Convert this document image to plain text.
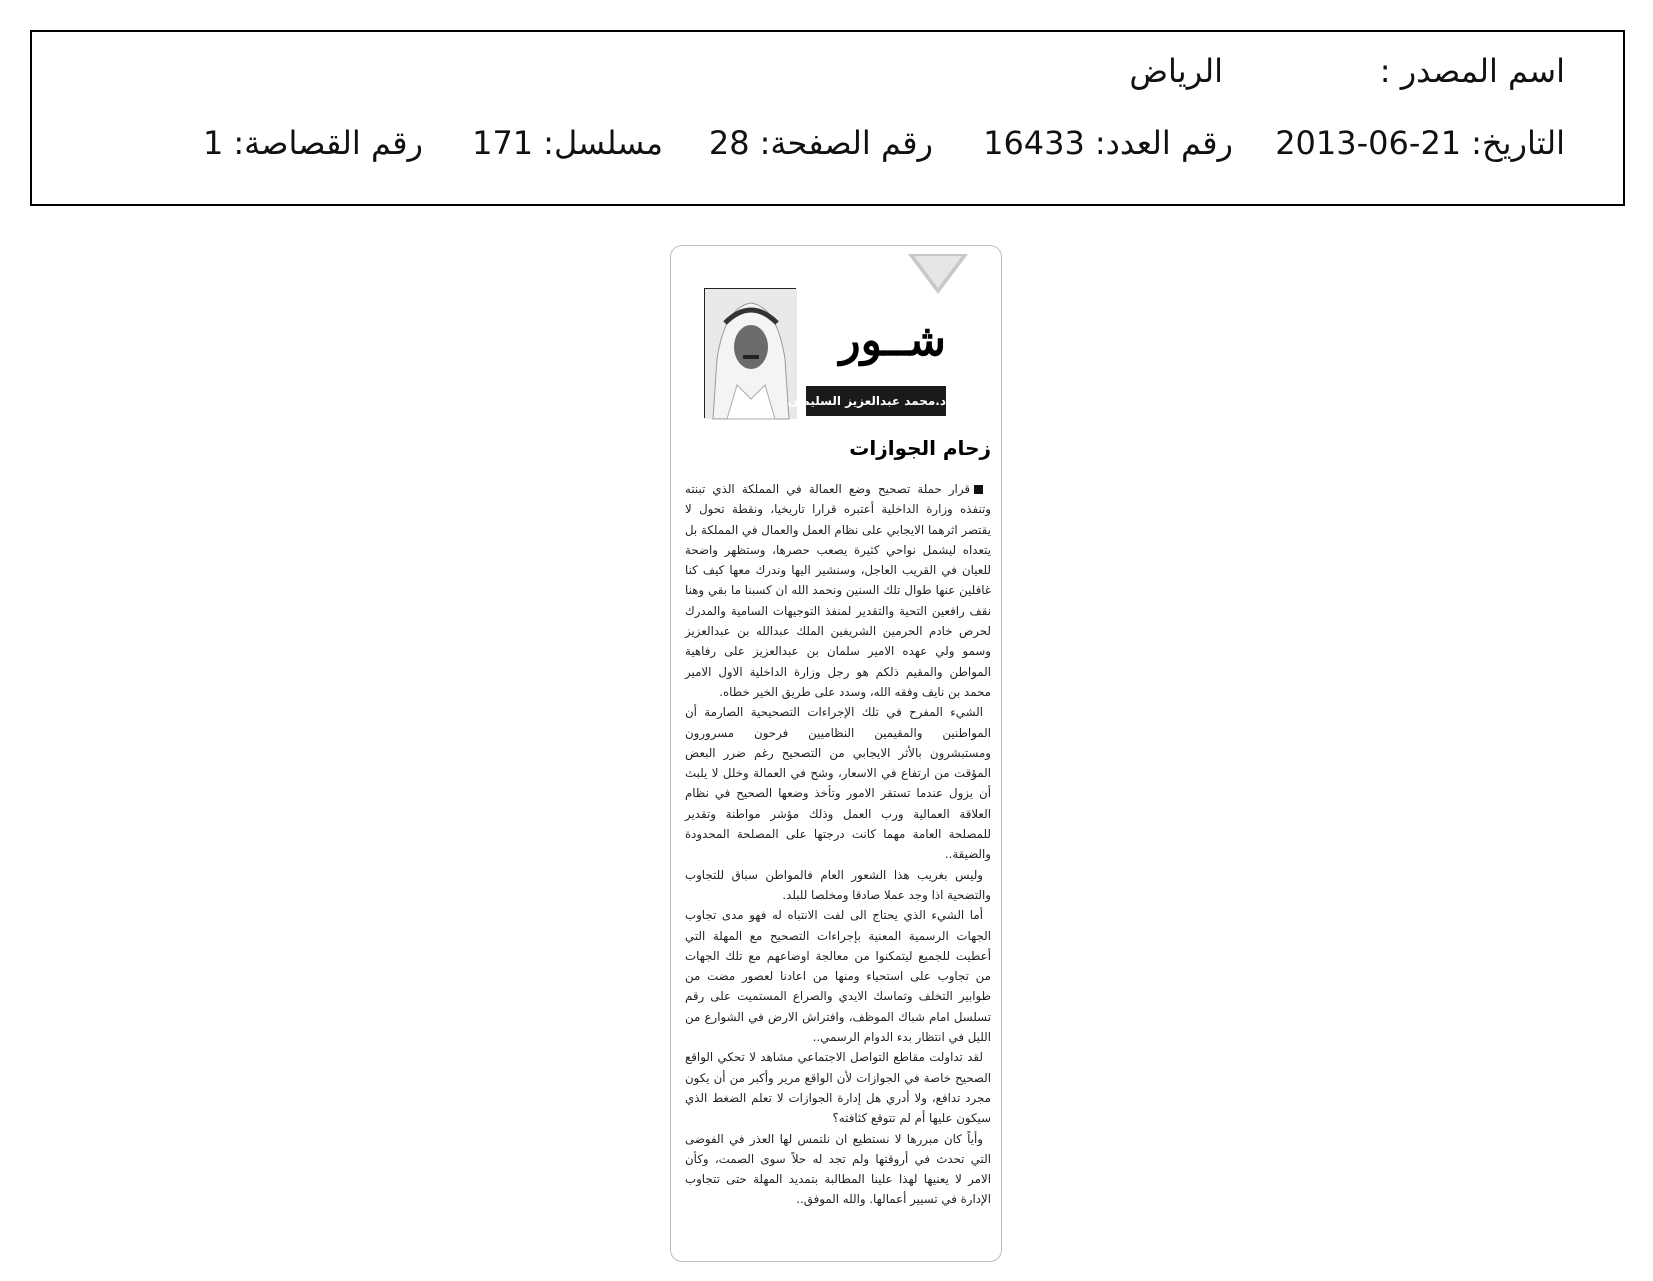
اسم المصدر :
الرياض
التاريخ:2013-06-21
رقم العدد:16433
رقم الصفحة:28
مسلسل:171
رقم القصاصة:1
شــور
د.محمد عبدالعزيز السليمان
زحام الجوازات

قرار حملة تصحيح وضع العمالة في المملكة الذي تبنته وتنفذه وزارة الداخلية أعتبره قرارا تاريخيا، ونقطة تحول لا يقتصر اثرهما الايجابي على نظام العمل والعمال في المملكة بل يتعداه ليشمل نواحي كثيرة يصعب حصرها، وستظهر واضحة للعيان في القريب العاجل، وسنشير اليها وندرك معها كيف كنا غافلين عنها طوال تلك السنين ونحمد الله ان كسبنا ما بقي وهنا نقف رافعين التحية والتقدير لمنفذ التوجيهات السامية والمدرك لحرص خادم الحرمين الشريفين الملك عبدالله بن عبدالعزيز وسمو ولي عهده الامير سلمان بن عبدالعزيز على رفاهية المواطن والمقيم ذلكم هو رجل وزارة الداخلية الاول الامير محمد بن نايف وفقه الله، وسدد على طريق الخير خطاه.

الشيء المفرح في تلك الإجراءات التصحيحية الصارمة أن المواطنين والمقيمين النظاميين فرحون مسرورون ومستبشرون بالأثر الايجابي من التصحيح رغم ضرر البعض المؤقت من ارتفاع في الاسعار، وشح في العمالة وخلل لا يلبث أن يزول عندما تستقر الامور وتأخذ وضعها الصحيح في نظام العلاقة العمالية ورب العمل وذلك مؤشر مواطنة وتقدير للمصلحة العامة مهما كانت درجتها على المصلحة المحدودة والضيقة..

وليس بغريب هذا الشعور العام فالمواطن سباق للتجاوب والتضحية اذا وجد عملا صادقا ومخلصا للبلد.

أما الشيء الذي يحتاج الى لفت الانتباه له فهو مدى تجاوب الجهات الرسمية المعنية بإجراءات التصحيح مع المهلة التي أعطيت للجميع ليتمكنوا من معالجة اوضاعهم مع تلك الجهات من تجاوب على استحياء ومنها من اعادنا لعصور مضت من طوابير التخلف وتماسك الايدي والصراع المستميت على رقم تسلسل امام شباك الموظف، وافتراش الارض في الشوارع من الليل في انتظار بدء الدوام الرسمي..

لقد تداولت مقاطع التواصل الاجتماعي مشاهد لا تحكي الواقع الصحيح خاصة في الجوازات لأن الواقع مرير وأكبر من أن يكون مجرد تدافع، ولا أدري هل إدارة الجوازات لا تعلم الضغط الذي سيكون عليها أم لم تتوقع كثافته؟

وأياً كان مبررها لا نستطيع ان نلتمس لها العذر في الفوضى التي تحدث في أروقتها ولم تجد له حلاً سوى الصمت، وكأن الامر لا يعنيها لهذا علينا المطالبة بتمديد المهلة حتى تتجاوب الإدارة في تسيير أعمالها. والله الموفق..
